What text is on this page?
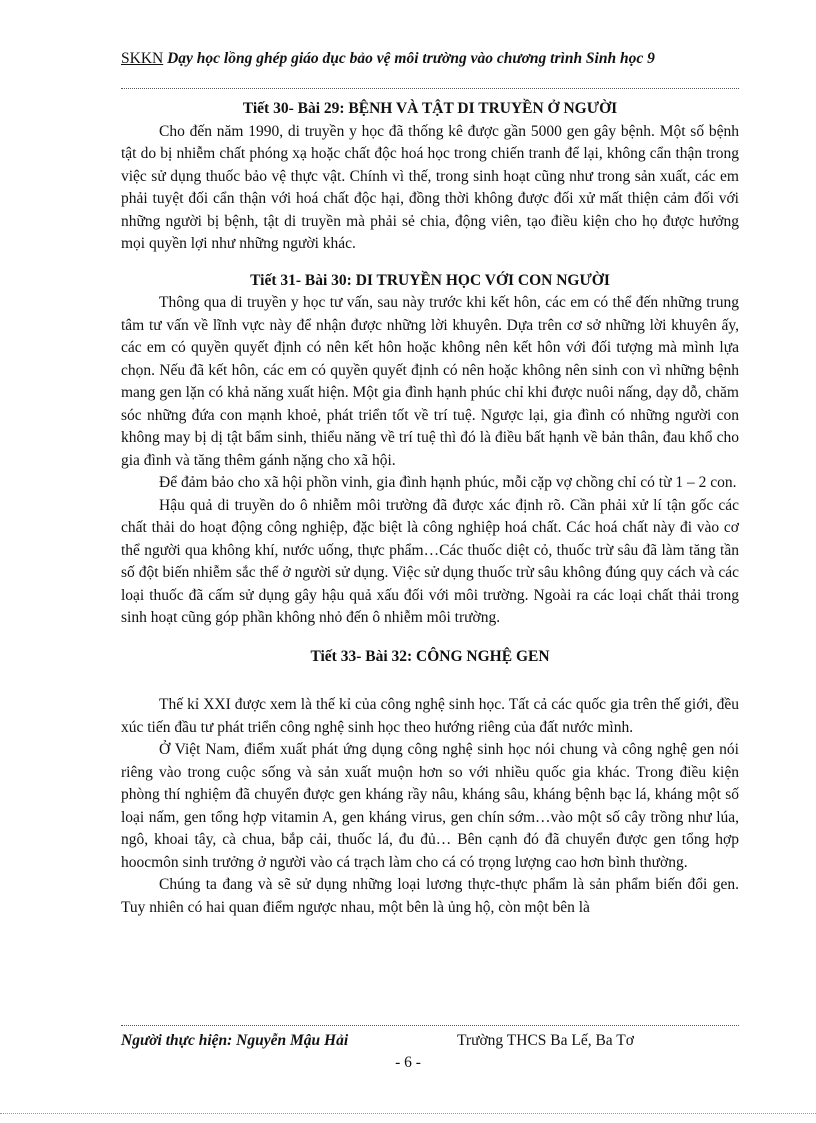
SKKN Dạy học lồng ghép giáo dục bảo vệ môi trường vào chương trình Sinh học 9
Tiết 30- Bài 29: BỆNH VÀ TẬT DI TRUYỀN Ở NGƯỜI

Cho đến năm 1990, di truyền y học đã thống kê được gần 5000 gen gây bệnh. Một số bệnh tật do bị nhiễm chất phóng xạ hoặc chất độc hoá học trong chiến tranh để lại, không cẩn thận trong việc sử dụng thuốc bảo vệ thực vật. Chính vì thế, trong sinh hoạt cũng như trong sản xuất, các em phải tuyệt đối cẩn thận với hoá chất độc hại, đồng thời không được đối xử mất thiện cảm đối với những người bị bệnh, tật di truyền mà phải sẻ chia, động viên, tạo điều kiện cho họ được hưởng mọi quyền lợi như những người khác.

Tiết 31- Bài 30: DI TRUYỀN HỌC VỚI CON NGƯỜI

Thông qua di truyền y học tư vấn, sau này trước khi kết hôn, các em có thể đến những trung tâm tư vấn về lĩnh vực này để nhận được những lời khuyên. Dựa trên cơ sở những lời khuyên ấy, các em có quyền quyết định có nên kết hôn hoặc không nên kết hôn với đối tượng mà mình lựa chọn. Nếu đã kết hôn, các em có quyền quyết định có nên hoặc không nên sinh con vì những bệnh mang gen lặn có khả năng xuất hiện. Một gia đình hạnh phúc chỉ khi được nuôi nấng, dạy dỗ, chăm sóc những đứa con mạnh khoẻ, phát triển tốt về trí tuệ. Ngược lại, gia đình có những người con không may bị dị tật bẩm sinh, thiểu năng về trí tuệ thì đó là điều bất hạnh về bản thân, đau khổ cho gia đình và tăng thêm gánh nặng cho xã hội.

Để đảm bảo cho xã hội phồn vinh, gia đình hạnh phúc, mỗi cặp vợ chồng chỉ có từ 1 – 2 con.

Hậu quả di truyền do ô nhiễm môi trường đã được xác định rõ. Cần phải xử lí tận gốc các chất thải do hoạt động công nghiệp, đặc biệt là công nghiệp hoá chất. Các hoá chất này đi vào cơ thể người qua không khí, nước uống, thực phẩm…Các thuốc diệt cỏ, thuốc trừ sâu đã làm tăng tần số đột biến nhiễm sắc thể ở người sử dụng. Việc sử dụng thuốc trừ sâu không đúng quy cách và các loại thuốc đã cấm sử dụng gây hậu quả xấu đối với môi trường. Ngoài ra các loại chất thải trong sinh hoạt cũng góp phần không nhỏ đến ô nhiễm môi trường.

Tiết 33- Bài 32: CÔNG NGHỆ GEN

Thế kỉ XXI được xem là thế kỉ của công nghệ sinh học. Tất cả các quốc gia trên thế giới, đều xúc tiến đầu tư phát triển công nghệ sinh học theo hướng riêng của đất nước mình.

Ở Việt Nam, điểm xuất phát ứng dụng công nghệ sinh học nói chung và công nghệ gen nói riêng vào trong cuộc sống và sản xuất muộn hơn so với nhiều quốc gia khác. Trong điều kiện phòng thí nghiệm đã chuyển được gen kháng rầy nâu, kháng sâu, kháng bệnh bạc lá, kháng một số loại nấm, gen tổng hợp vitamin A, gen kháng virus, gen chín sớm…vào một số cây trồng như lúa, ngô, khoai tây, cà chua, bắp cải, thuốc lá, đu đủ… Bên cạnh đó đã chuyển được gen tổng hợp hoocmôn sinh trưởng ở người vào cá trạch làm cho cá có trọng lượng cao hơn bình thường.

Chúng ta đang và sẽ sử dụng những loại lương thực-thực phẩm là sản phẩm biến đổi gen. Tuy nhiên có hai quan điểm ngược nhau, một bên là ủng hộ, còn một bên là

Người thực hiện: Nguyễn Mậu Hải	Trường THCS Ba Lế, Ba Tơ
- 6 -
